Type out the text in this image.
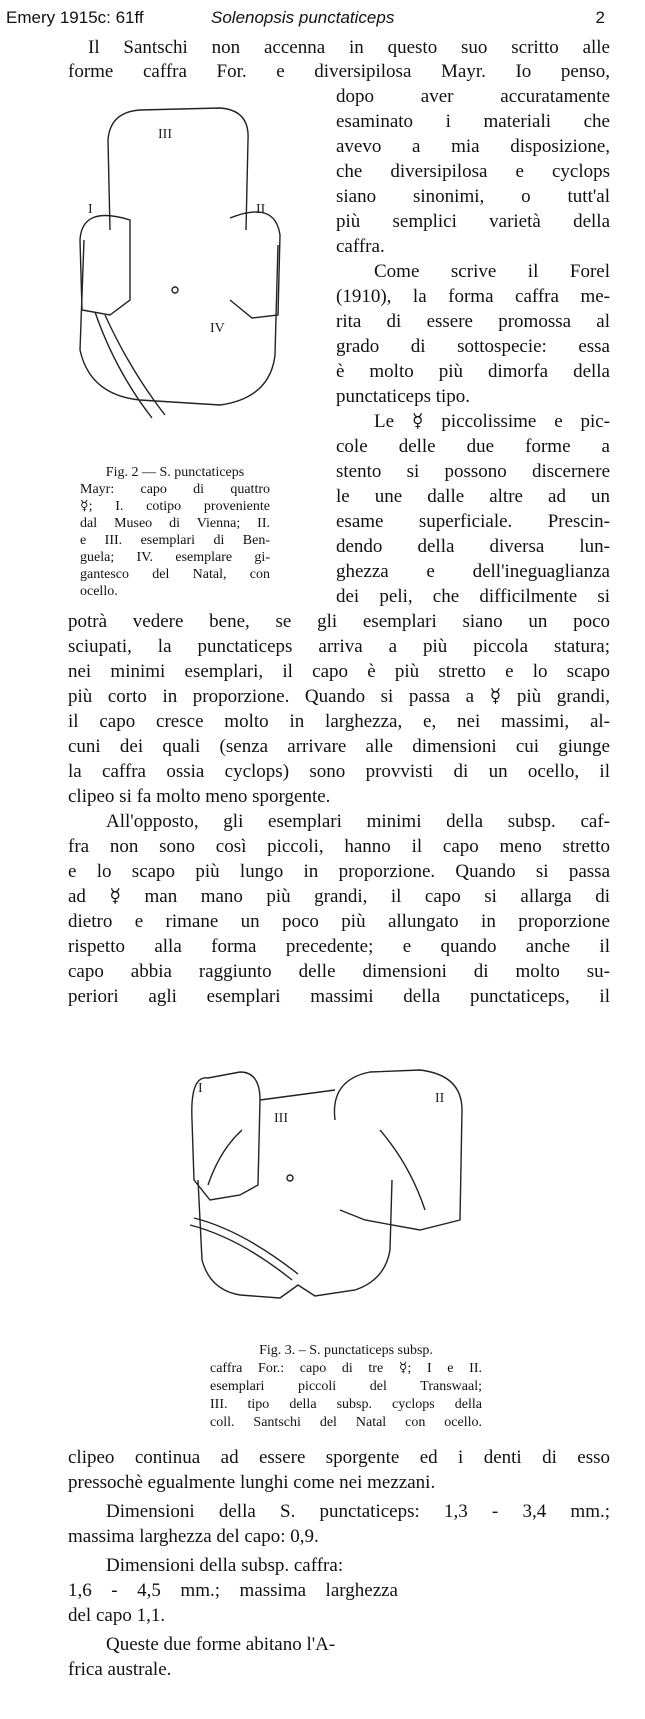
Emery 1915c: 61ff	Solenopsis punctaticeps	2
III
I	II
IV
Fig. 2 — S. punctaticeps
Mayr: capo di quattro
☿; I. cotipo proveniente
dal Museo di Vienna; II.
e III. esemplari di Ben-
guela; IV. esemplare gi-
gantesco del Natal, con
ocello.
Il Santschi non accenna in questo suo scritto alle
forme caffra For. e diversipilosa Mayr. Io penso,
dopo aver accuratamente
esaminato i materiali che
avevo a mia disposizione,
che diversipilosa e cyclops
siano sinonimi, o tutt'al
più semplici varietà della
caffra.
Come scrive il Forel
(1910), la forma caffra me-
rita di essere promossa al
grado di sottospecie: essa
è molto più dimorfa della
punctaticeps tipo.
Le ☿ piccolissime e pic-
cole delle due forme a
stento si possono discernere
le une dalle altre ad un
esame superficiale. Prescin-
dendo della diversa lun-
ghezza e dell'ineguaglianza
dei peli, che difficilmente si
potrà vedere bene, se gli esemplari siano un poco
sciupati, la punctaticeps arriva a più piccola statura;
nei minimi esemplari, il capo è più stretto e lo scapo
più corto in proporzione. Quando si passa a ☿ più grandi,
il capo cresce molto in larghezza, e, nei massimi, al-
cuni dei quali (senza arrivare alle dimensioni cui giunge
la caffra ossia cyclops) sono provvisti di un ocello, il
clipeo si fa molto meno sporgente.
All'opposto, gli esemplari minimi della subsp. caf-
fra non sono così piccoli, hanno il capo meno stretto
e lo scapo più lungo in proporzione. Quando si passa
ad ☿ man mano più grandi, il capo si allarga di
dietro e rimane un poco più allungato in proporzione
rispetto alla forma precedente; e quando anche il
capo abbia raggiunto delle dimensioni di molto su-
periori agli esemplari massimi della punctaticeps, il
I
III
II
Fig. 3. – S. punctaticeps subsp.
caffra For.: capo di tre ☿; I e II.
esemplari piccoli del Transwaal;
III. tipo della subsp. cyclops della
coll. Santschi del Natal con ocello.
clipeo continua ad essere sporgente ed i denti di esso
pressochè egualmente lunghi come nei mezzani.
Dimensioni della S. punctaticeps: 1,3 - 3,4 mm.;
massima larghezza del capo: 0,9.
Dimensioni della subsp. caffra:
1,6 - 4,5 mm.; massima larghezza
del capo 1,1.
Queste due forme abitano l'A-
frica australe.
